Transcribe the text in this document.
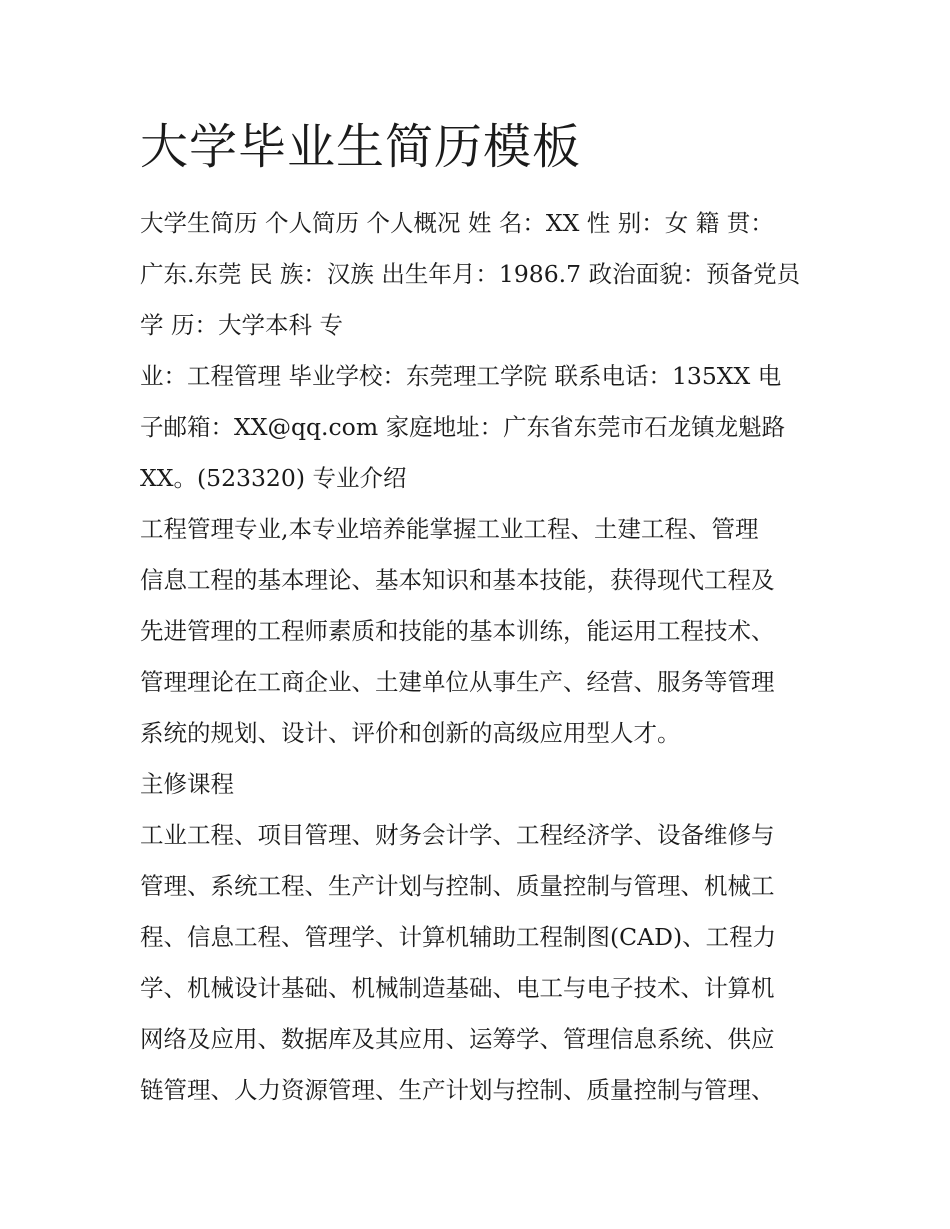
大学毕业生简历模板
大学生简历 个人简历 个人概况 姓 名：XX 性 别：女 籍 贯：
广东.东莞 民 族：汉族 出生年月：1986.7 政治面貌：预备党员
学 历：大学本科 专
业：工程管理 毕业学校：东莞理工学院 联系电话：135XX 电
子邮箱：XX@qq.com 家庭地址：广东省东莞市石龙镇龙魁路
XX。(523320) 专业介绍
工程管理专业,本专业培养能掌握工业工程、土建工程、管理
信息工程的基本理论、基本知识和基本技能，获得现代工程及
先进管理的工程师素质和技能的基本训练，能运用工程技术、
管理理论在工商企业、土建单位从事生产、经营、服务等管理
系统的规划、设计、评价和创新的高级应用型人才。
主修课程
工业工程、项目管理、财务会计学、工程经济学、设备维修与
管理、系统工程、生产计划与控制、质量控制与管理、机械工
程、信息工程、管理学、计算机辅助工程制图(CAD)、工程力
学、机械设计基础、机械制造基础、电工与电子技术、计算机
网络及应用、数据库及其应用、运筹学、管理信息系统、供应
链管理、人力资源管理、生产计划与控制、质量控制与管理、
